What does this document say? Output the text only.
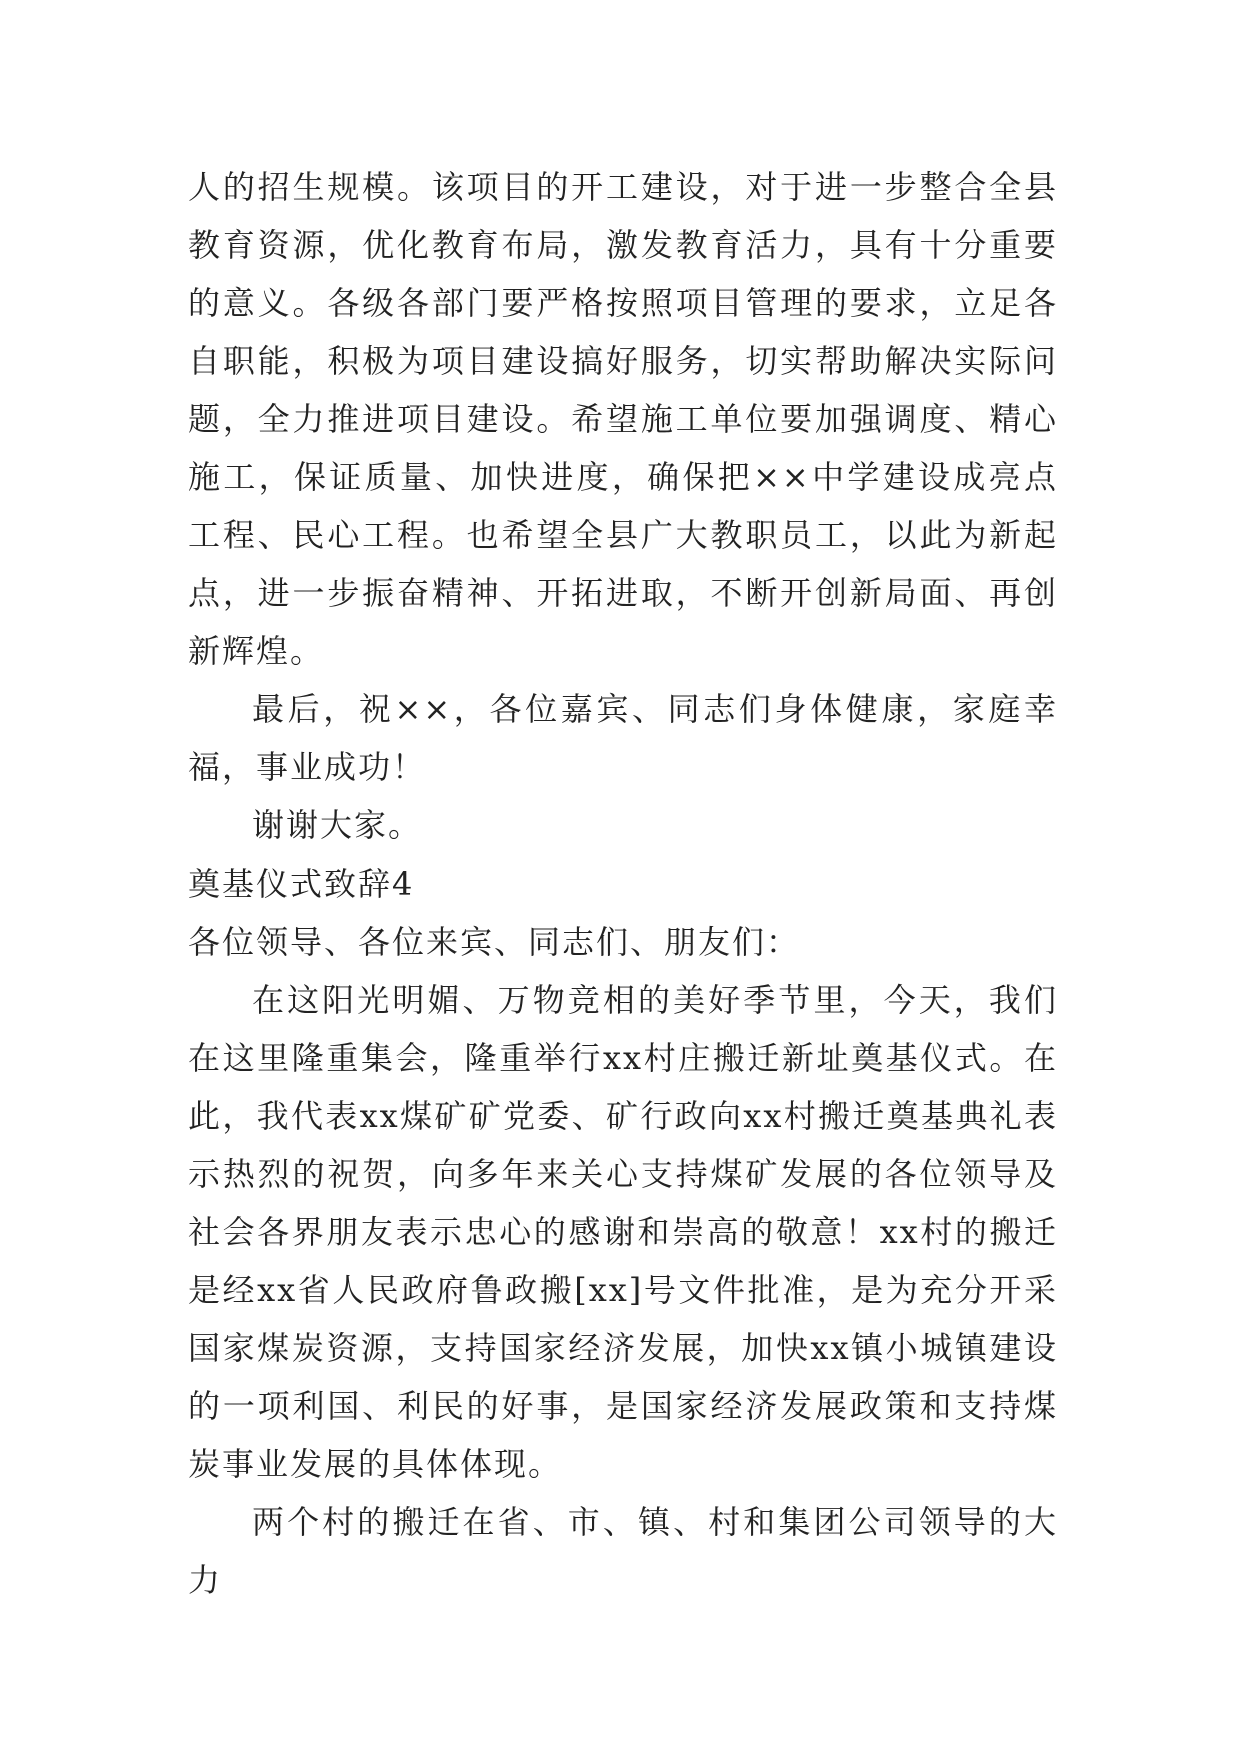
人的招生规模。该项目的开工建设，对于进一步整合全县教育资源，优化教育布局，激发教育活力，具有十分重要的意义。各级各部门要严格按照项目管理的要求，立足各自职能，积极为项目建设搞好服务，切实帮助解决实际问题，全力推进项目建设。希望施工单位要加强调度、精心施工，保证质量、加快进度，确保把××中学建设成亮点工程、民心工程。也希望全县广大教职员工，以此为新起点，进一步振奋精神、开拓进取，不断开创新局面、再创新辉煌。

最后，祝××，各位嘉宾、同志们身体健康，家庭幸福，事业成功！

谢谢大家。

奠基仪式致辞4

各位领导、各位来宾、同志们、朋友们：

在这阳光明媚、万物竞相的美好季节里，今天，我们在这里隆重集会，隆重举行xx村庄搬迁新址奠基仪式。在此，我代表xx煤矿矿党委、矿行政向xx村搬迁奠基典礼表示热烈的祝贺，向多年来关心支持煤矿发展的各位领导及社会各界朋友表示忠心的感谢和崇高的敬意！xx村的搬迁是经xx省人民政府鲁政搬[xx]号文件批准，是为充分开采国家煤炭资源，支持国家经济发展，加快xx镇小城镇建设的一项利国、利民的好事，是国家经济发展政策和支持煤炭事业发展的具体体现。

两个村的搬迁在省、市、镇、村和集团公司领导的大力
